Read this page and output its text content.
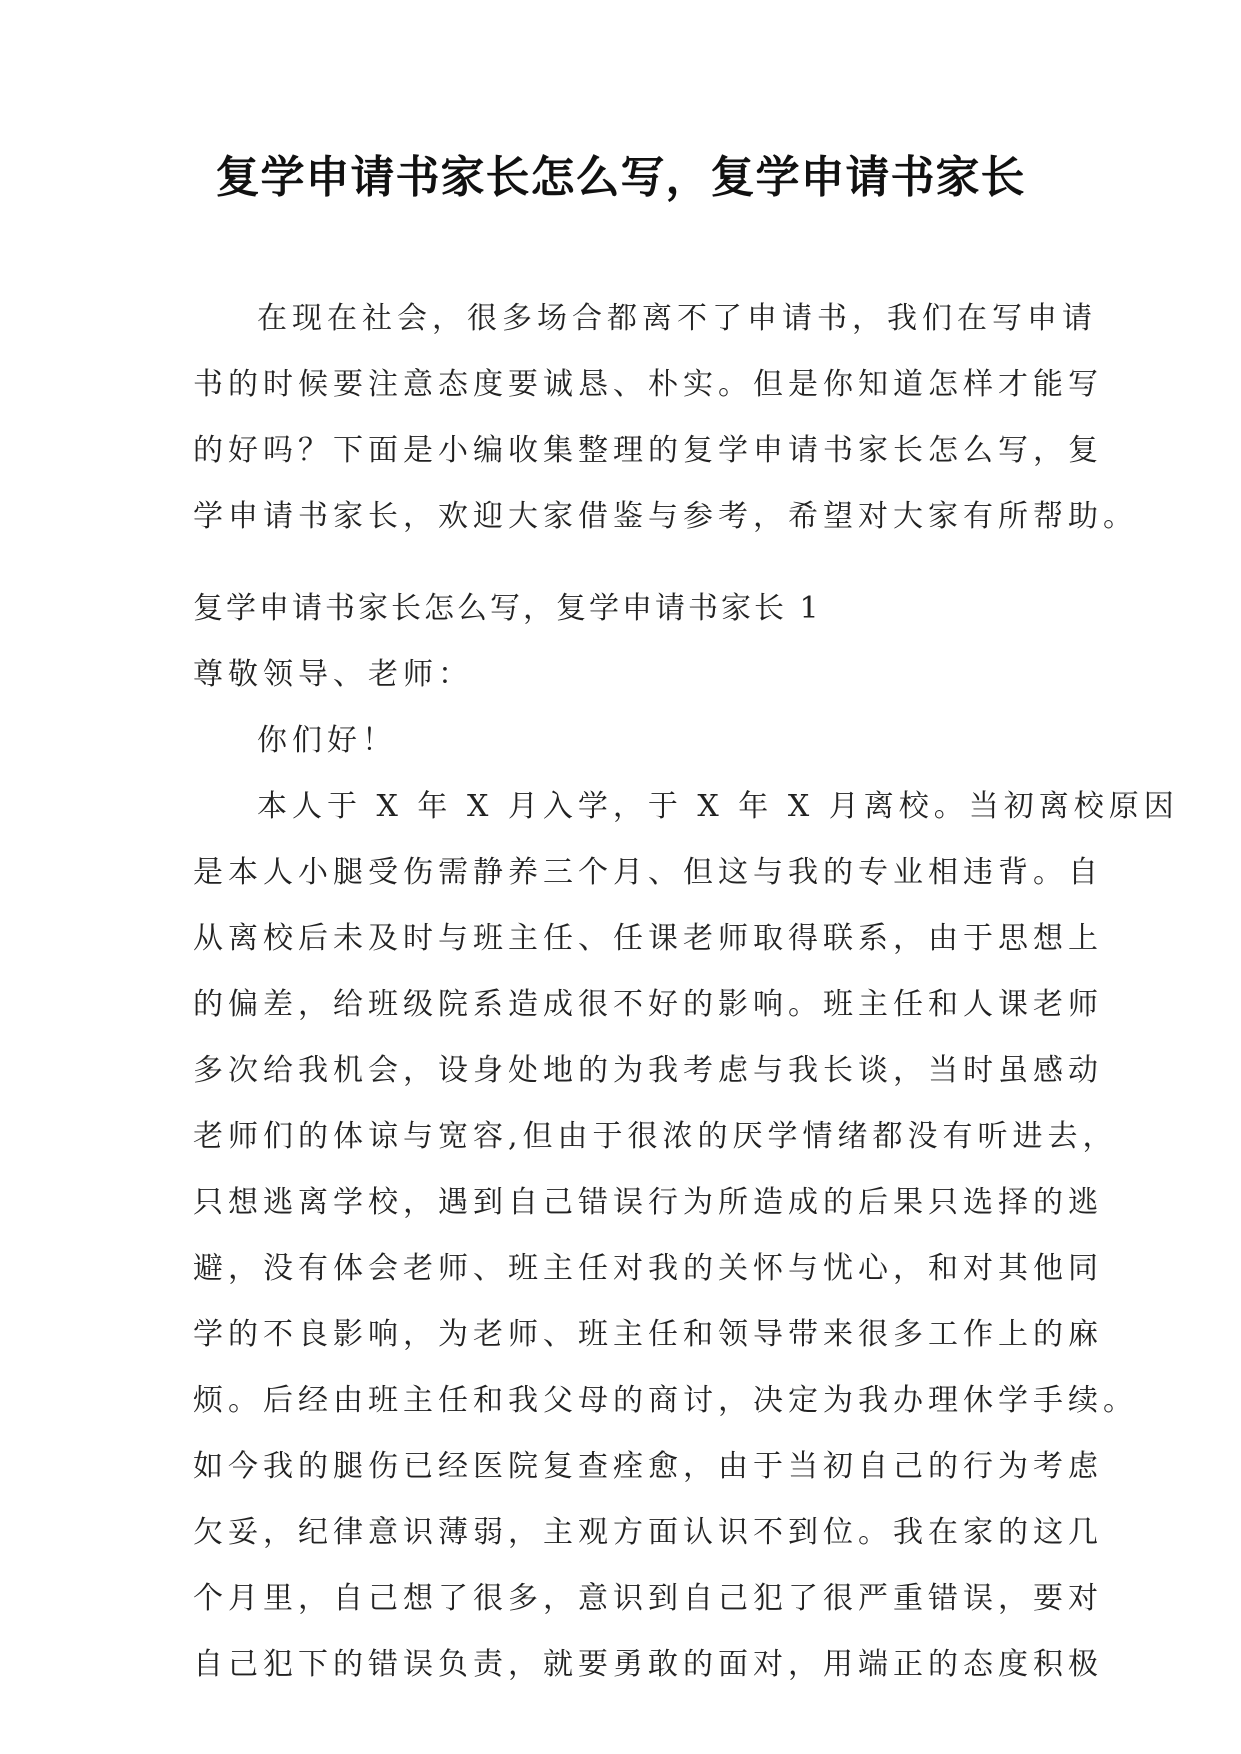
复学申请书家长怎么写，复学申请书家长
在现在社会，很多场合都离不了申请书，我们在写申请
书的时候要注意态度要诚恳、朴实。但是你知道怎样才能写
的好吗？下面是小编收集整理的复学申请书家长怎么写，复
学申请书家长，欢迎大家借鉴与参考，希望对大家有所帮助。
复学申请书家长怎么写，复学申请书家长 1
尊敬领导、老师：
你们好！
本人于 X 年 X 月入学，于 X 年 X 月离校。当初离校原因
是本人小腿受伤需静养三个月、但这与我的专业相违背。自
从离校后未及时与班主任、任课老师取得联系，由于思想上
的偏差，给班级院系造成很不好的影响。班主任和人课老师
多次给我机会，设身处地的为我考虑与我长谈，当时虽感动
老师们的体谅与宽容,但由于很浓的厌学情绪都没有听进去，
只想逃离学校，遇到自己错误行为所造成的后果只选择的逃
避，没有体会老师、班主任对我的关怀与忧心，和对其他同
学的不良影响，为老师、班主任和领导带来很多工作上的麻
烦。后经由班主任和我父母的商讨，决定为我办理休学手续。
如今我的腿伤已经医院复查痊愈，由于当初自己的行为考虑
欠妥，纪律意识薄弱，主观方面认识不到位。我在家的这几
个月里，自己想了很多，意识到自己犯了很严重错误，要对
自己犯下的错误负责，就要勇敢的面对，用端正的态度积极
